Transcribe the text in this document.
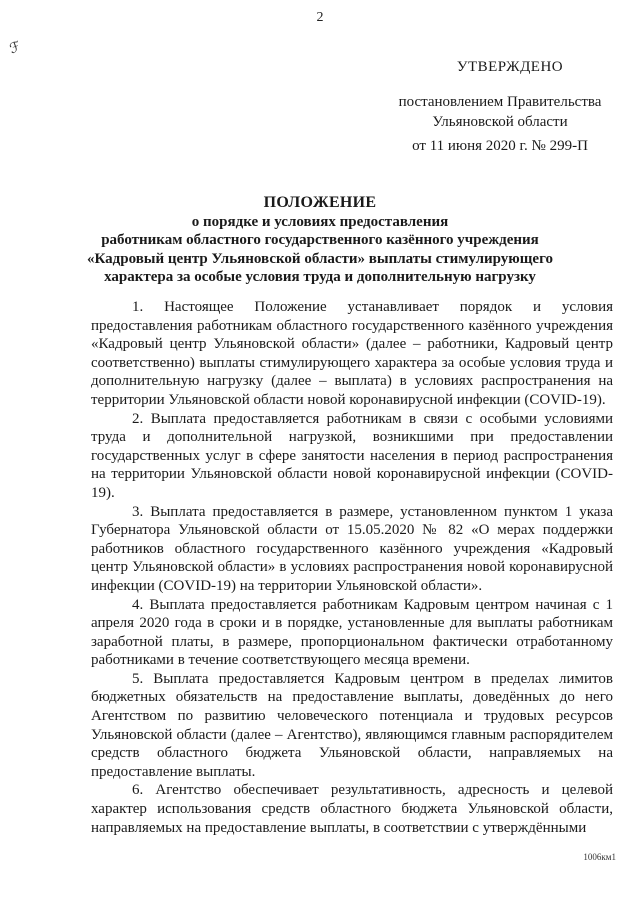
ℱ
УТВЕРЖДЕНО
постановлением Правительства
Ульяновской области
от 11 июня 2020 г. № 299-П
ПОЛОЖЕНИЕ
о порядке и условиях предоставления
работникам областного государственного казённого учреждения
«Кадровый центр Ульяновской области» выплаты стимулирующего
характера за особые условия труда и дополнительную нагрузку

1. Настоящее Положение устанавливает порядок и условия предоставления работникам областного государственного казённого учреждения «Кадровый центр Ульяновской области» (далее – работники, Кадровый центр соответственно) выплаты стимулирующего характера за особые условия труда и дополнительную нагрузку (далее – выплата) в условиях распространения на территории Ульяновской области новой коронавирусной инфекции (COVID-19).

2. Выплата предоставляется работникам в связи с особыми условиями труда и дополнительной нагрузкой, возникшими при предоставлении государственных услуг в сфере занятости населения в период распространения на территории Ульяновской области новой коронавирусной инфекции (COVID-19).

3. Выплата предоставляется в размере, установленном пунктом 1 указа Губернатора Ульяновской области от 15.05.2020 № 82 «О мерах поддержки работников областного государственного казённого учреждения «Кадровый центр Ульяновской области» в условиях распространения новой коронавирусной инфекции (COVID-19) на территории Ульяновской области».

4. Выплата предоставляется работникам Кадровым центром начиная с 1 апреля 2020 года в сроки и в порядке, установленные для выплаты работникам заработной платы, в размере, пропорциональном фактически отработанному работниками в течение соответствующего месяца времени.

5. Выплата предоставляется Кадровым центром в пределах лимитов бюджетных обязательств на предоставление выплаты, доведённых до него Агентством по развитию человеческого потенциала и трудовых ресурсов Ульяновской области (далее – Агентство), являющимся главным распорядителем средств областного бюджета Ульяновской области, направляемых на предоставление выплаты.

6. Агентство обеспечивает результативность, адресность и целевой характер использования средств областного бюджета Ульяновской области, направляемых на предоставление выплаты, в соответствии с утверждёнными

1006км1
2
